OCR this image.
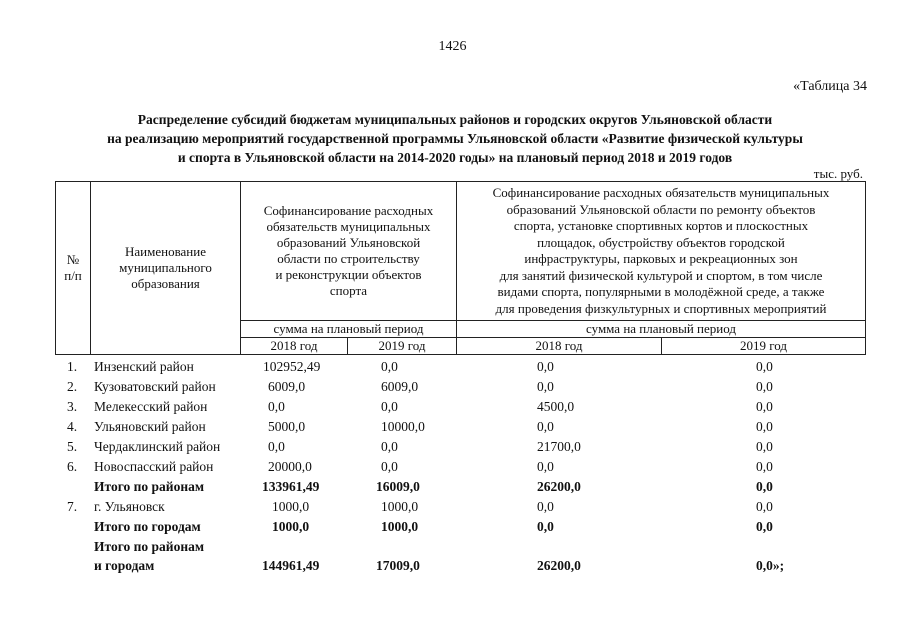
1426
«Таблица 34
Распределение субсидий бюджетам муниципальных районов и городских округов Ульяновской области
на реализацию мероприятий государственной программы Ульяновской области «Развитие физической культуры
и спорта в Ульяновской области на 2014-2020 годы» на плановый период 2018 и 2019 годов
тыс. руб.
№
п/п
Наименование
муниципального
образования
Софинансирование расходных
обязательств муниципальных
образований Ульяновской
области по строительству
и реконструкции объектов
спорта
Софинансирование расходных обязательств муниципальных
образований Ульяновской области по ремонту объектов
спорта, установке спортивных кортов и плоскостных
площадок, обустройству объектов городской
инфраструктуры, парковых и рекреационных зон
для занятий физической культурой и спортом, в том числе
видами спорта, популярными в молодёжной среде, а также
для проведения физкультурных и спортивных мероприятий
сумма на плановый период	сумма на плановый период
2018 год	2019 год	2018 год	2019 год
1. Инзенский район	102952,49	0,0	0,0	0,0
2. Кузоватовский район	6009,0	6009,0	0,0	0,0
3. Мелекесский район	0,0	0,0	4500,0	0,0
4. Ульяновский район	5000,0	10000,0	0,0	0,0
5. Чердаклинский район	0,0	0,0	21700,0	0,0
6. Новоспасский район	20000,0	0,0	0,0	0,0
Итого по районам	133961,49	16009,0	26200,0	0,0
7. г. Ульяновск	1000,0	1000,0	0,0	0,0
Итого по городам	1000,0	1000,0	0,0	0,0
Итого по районам
и городам	144961,49	17009,0	26200,0	0,0»;
